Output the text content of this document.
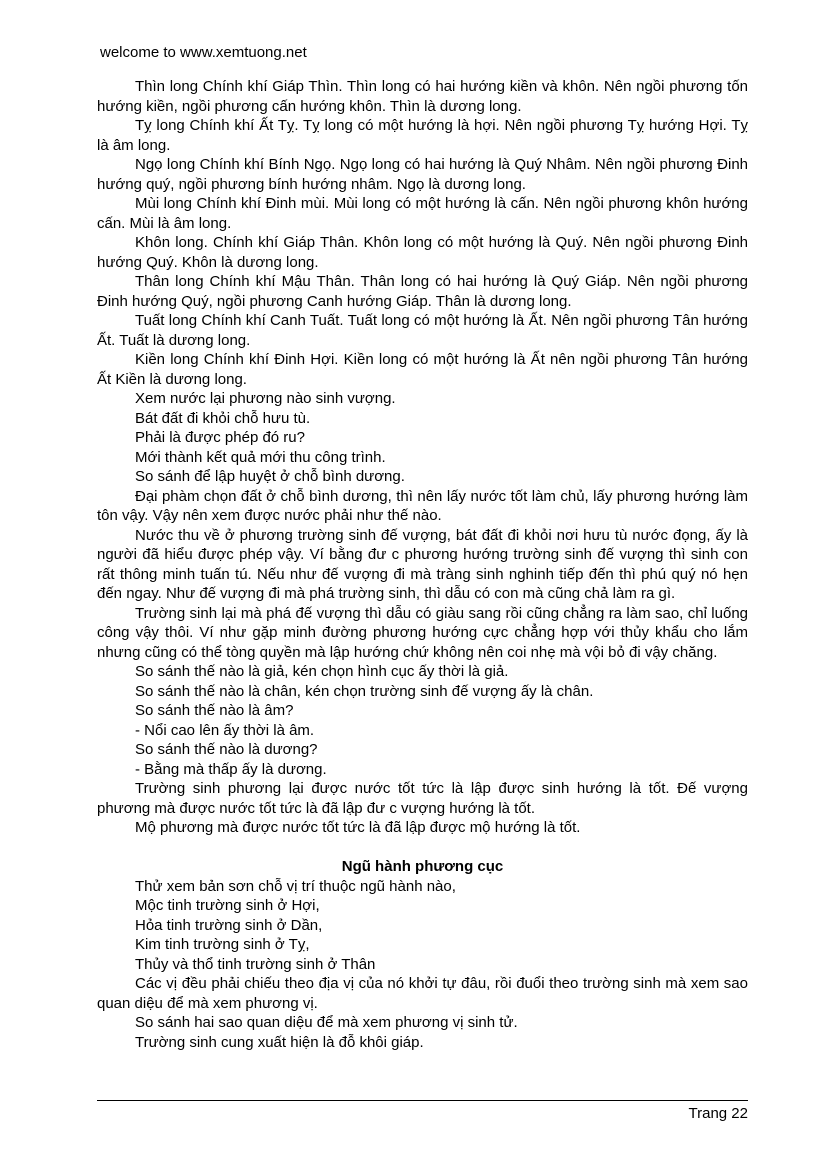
welcome to www.xemtuong.net

Thìn long Chính khí Giáp Thìn. Thìn long có hai hướng kiền và khôn. Nên ngồi phương tốn hướng kiền, ngồi phương cấn hướng khôn. Thìn là dương long.

Tỵ long Chính khí Ất Tỵ. Tỵ long có một hướng là hợi. Nên ngồi phương Tỵ hướng Hợi. Tỵ là âm long.

Ngọ long Chính khí Bính Ngọ. Ngọ long có hai hướng là Quý Nhâm. Nên ngồi phương Đinh hướng quý, ngồi phương bính hướng nhâm. Ngọ là dương long.

Mùi long Chính khí Đinh mùi. Mùi long có một hướng là cấn. Nên ngồi phương khôn hướng cấn. Mùi là âm long.

Khôn long. Chính khí Giáp Thân. Khôn long có một hướng là Quý. Nên ngồi phương Đinh hướng Quý. Khôn là dương long.

Thân long Chính khí Mậu Thân. Thân long có hai hướng là Quý Giáp. Nên ngồi phương Đinh hướng Quý, ngồi phương Canh hướng Giáp. Thân là dương long.

Tuất long Chính khí Canh Tuất. Tuất long có một hướng là Ất. Nên ngồi phương Tân hướng Ất. Tuất là dương long.

Kiền long Chính khí Đinh Hợi. Kiền long có một hướng là Ất nên ngồi phương Tân hướng Ất Kiền là dương long.

Xem nước lại phương nào sinh vượng.

Bát đất đi khỏi chỗ hưu tù.

Phải là được phép đó ru?

Mới thành kết quả mới thu công trình.

So sánh để lập huyệt ở chỗ bình dương.

Đại phàm chọn đất ở chỗ bình dương, thì nên lấy nước tốt làm chủ, lấy phương hướng làm tôn vậy. Vậy nên xem được nước phải như thế nào.

Nước thu về ở phương trường sinh đế vượng, bát đất đi khỏi nơi hưu tù nước đọng, ấy là người đã hiểu được phép vậy. Ví bằng đư c phương hướng trường sinh đế vượng thì sinh con rất thông minh tuấn tú. Nếu như đế vượng đi mà tràng sinh nghinh tiếp đến thì phú quý nó hẹn đến ngay. Như đế vượng đi mà phá trường sinh, thì dẫu có con mà cũng chả làm ra gì.

Trường sinh lại mà phá đế vượng thì dẫu có giàu sang rồi cũng chẳng ra làm sao, chỉ luống công vậy thôi. Ví như gặp minh đường phương hướng cực chẳng hợp với thủy khẩu cho lắm nhưng cũng có thể tòng quyền mà lập hướng chứ không nên coi nhẹ mà vội bỏ đi vậy chăng.

So sánh thế nào là giả, kén chọn hình cục ấy thời là giả.

So sánh thế nào là chân, kén chọn trường sinh đế vượng ấy là chân.

So sánh thế nào là âm?

- Nổi cao lên ấy thời là âm.

So sánh thế nào là dương?

- Bằng mà thấp ấy là dương.

Trường sinh phương lại được nước tốt tức là lập được sinh hướng là tốt. Đế vượng phương mà được nước tốt tức là đã lập đư c vượng hướng là tốt.

Mộ phương mà được nước tốt tức là đã lập được mộ hướng là tốt.

Ngũ hành phương cục

Thử xem bản sơn chỗ vị trí thuộc ngũ hành nào,

Mộc tinh trường sinh ở Hợi,

Hỏa tinh trường sinh ở Dần,

Kim tinh trường sinh ở Tỵ,

Thủy và thổ tinh trường sinh ở Thân

Các vị đều phải chiếu theo địa vị của nó khởi tự đâu, rồi đuổi theo trường sinh mà xem sao quan diệu để mà xem phương vị.

So sánh hai sao quan diệu để mà xem phương vị sinh tử.

Trường sinh cung xuất hiện là đỗ khôi giáp.

Trang 22
